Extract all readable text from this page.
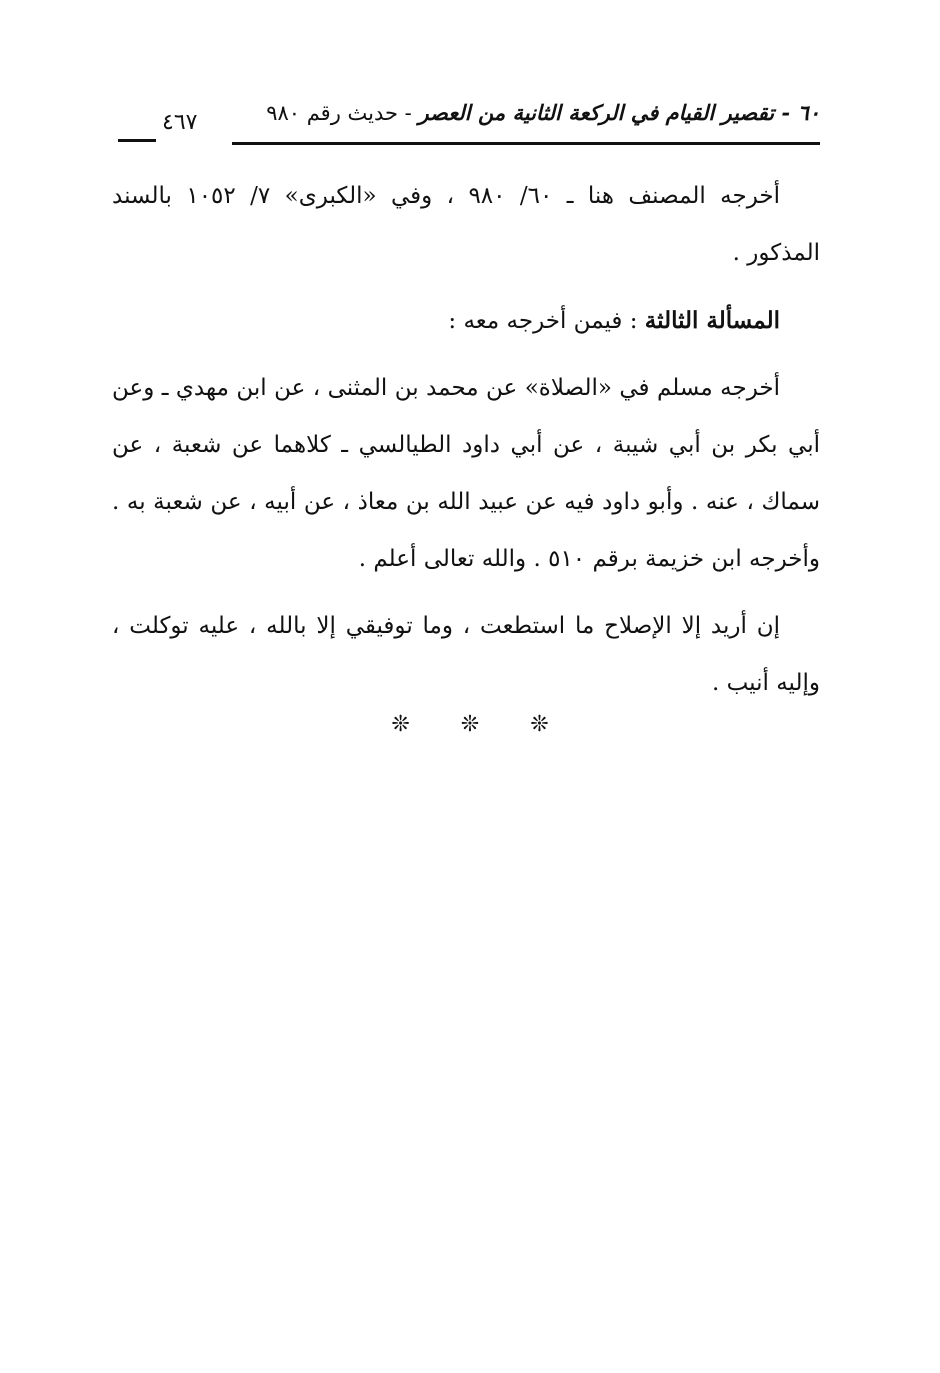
٦٠ - تقصير القيام في الركعة الثانية من العصر - حديث رقم ٩٨٠
٤٦٧

أخرجه المصنف هنا ـ ٦٠/ ٩٨٠ ، وفي «الكبرى» ٧/ ١٠٥٢ بالسند المذكور .

المسألة الثالثة : فيمن أخرجه معه :

أخرجه مسلم في «الصلاة» عن محمد بن المثنى ، عن ابن مهدي ـ وعن أبي بكر بن أبي شيبة ، عن أبي داود الطيالسي ـ كلاهما عن شعبة ، عن سماك ، عنه . وأبو داود فيه عن عبيد الله بن معاذ ، عن أبيه ، عن شعبة به . وأخرجه ابن خزيمة برقم ٥١٠ . والله تعالى أعلم .

إن أريد إلا الإصلاح ما استطعت ، وما توفيقي إلا بالله ، عليه توكلت ، وإليه أنيب .

❊ ❊ ❊
